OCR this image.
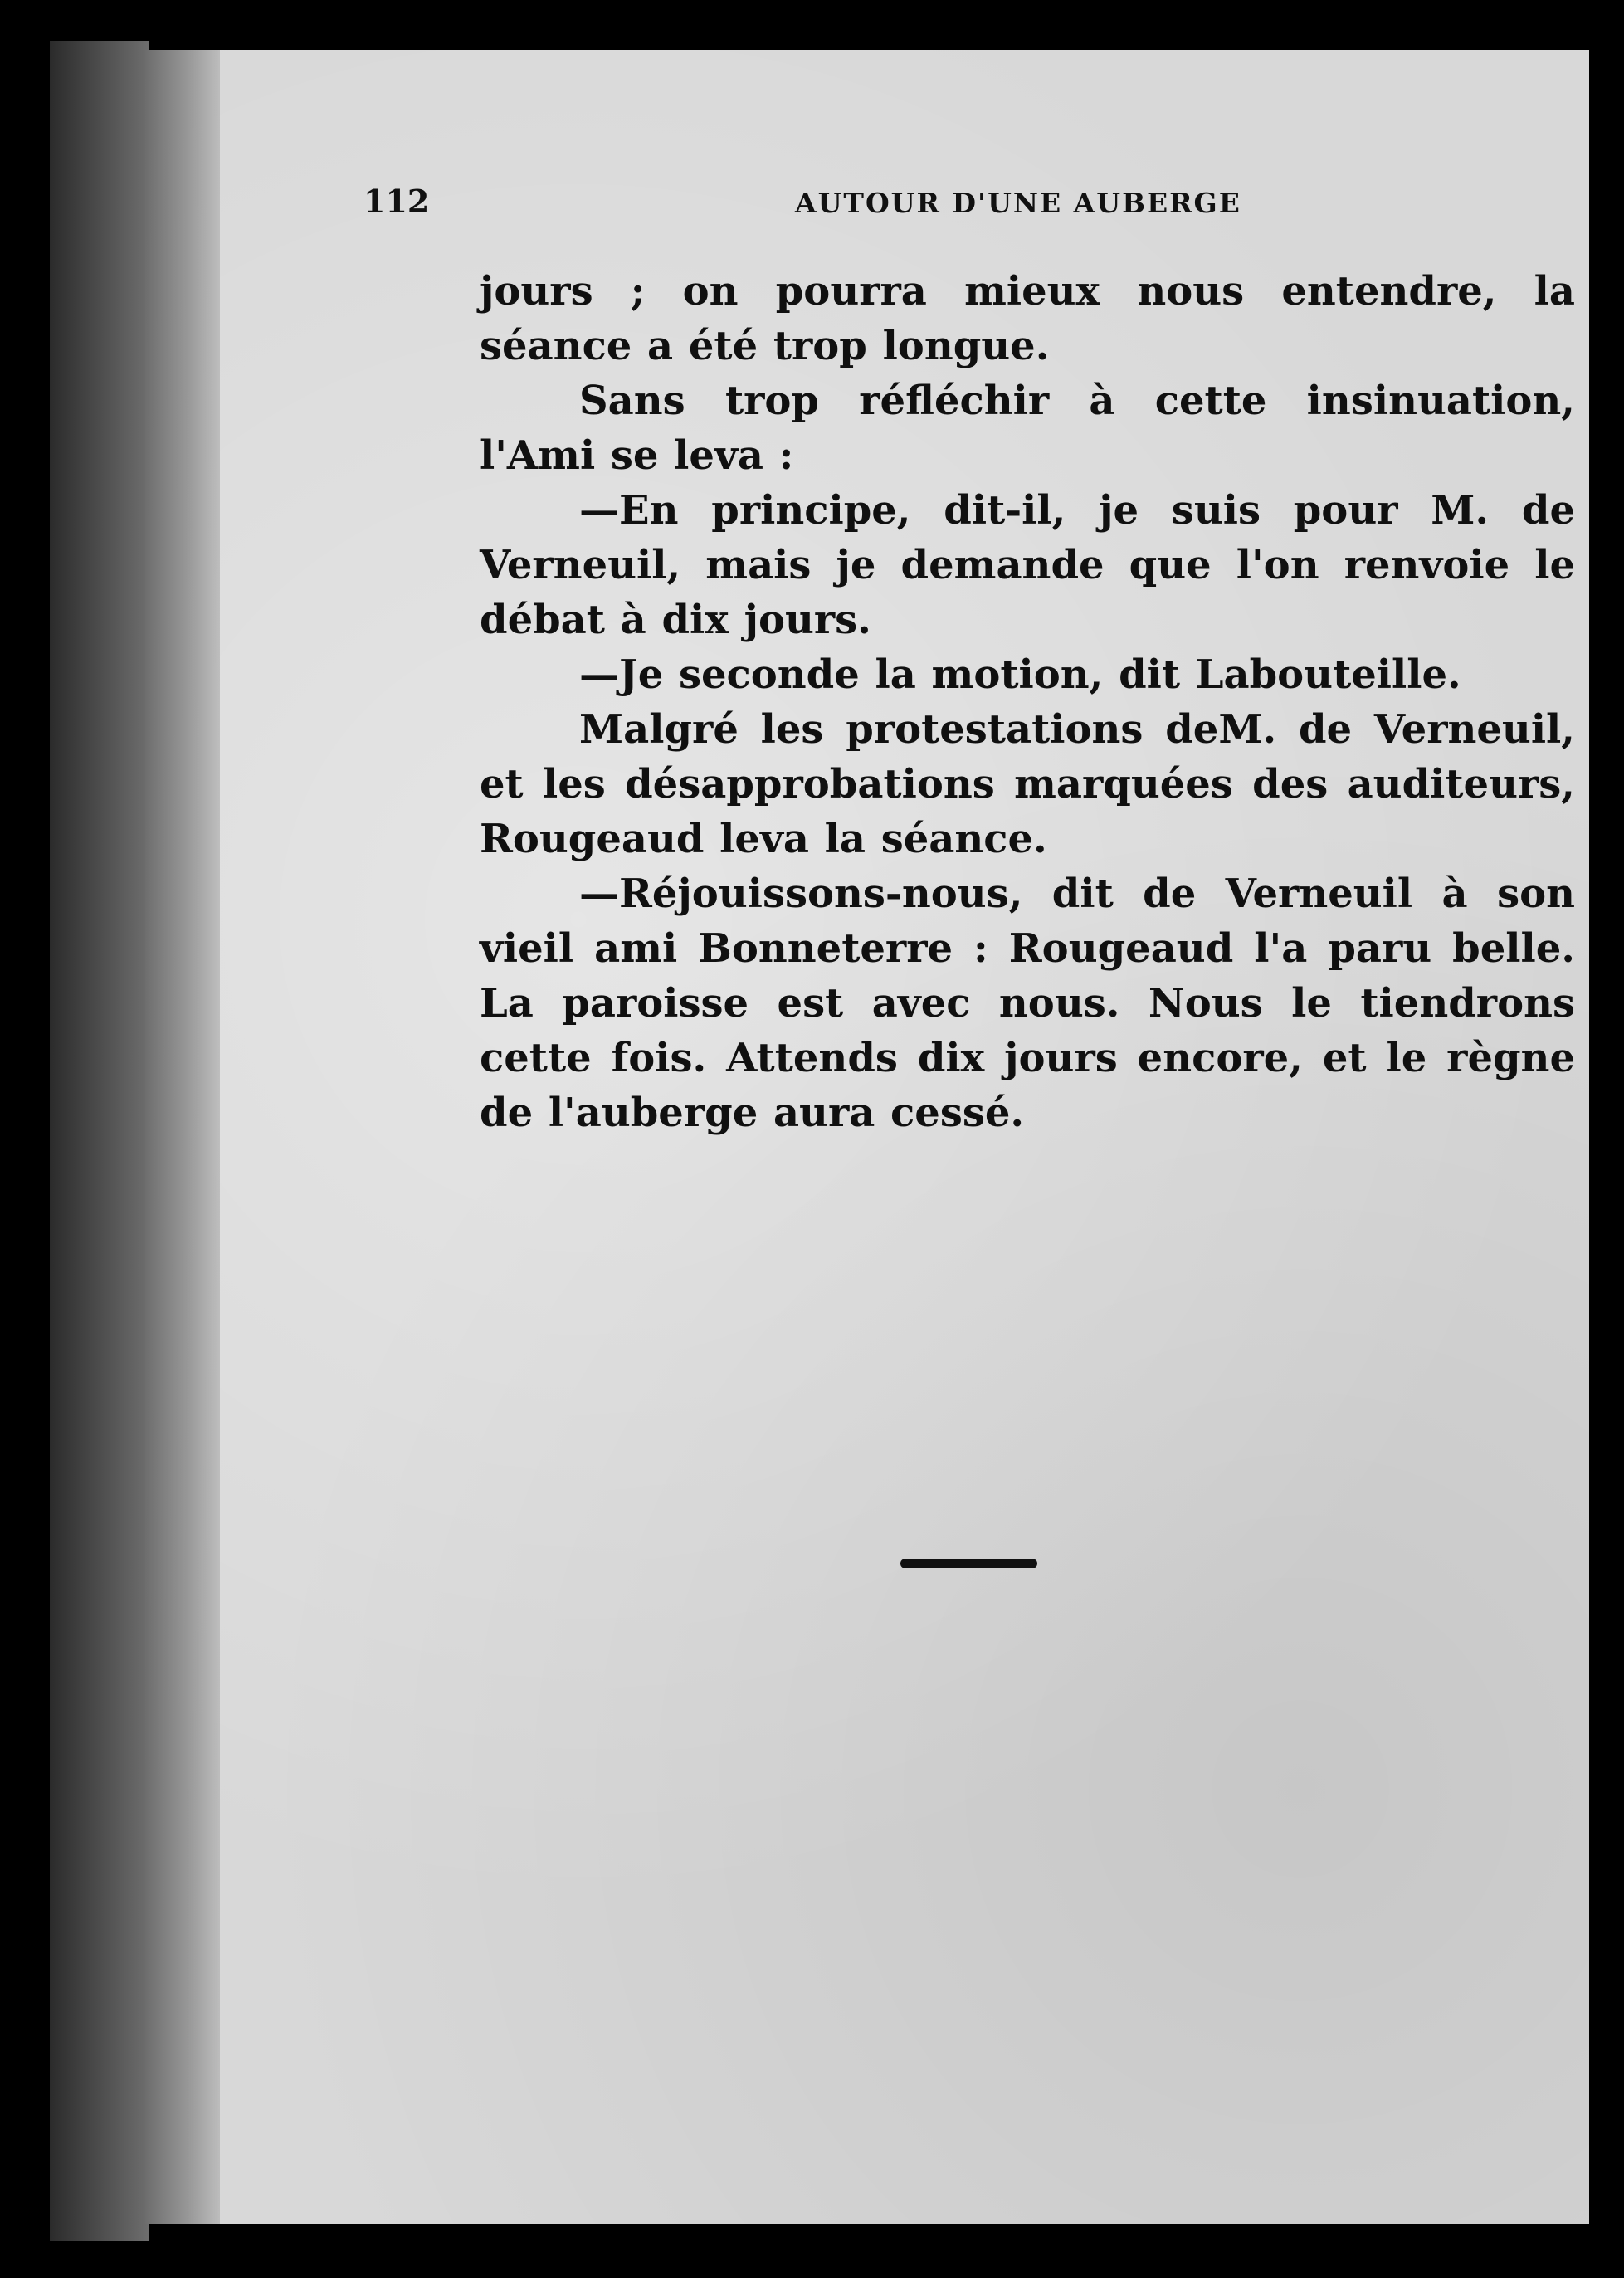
112	AUTOUR D'UNE AUBERGE

jours ; on pourra mieux nous entendre, la séance a été trop longue.

Sans trop réfléchir à cette insinuation, l'Ami se leva :

—En principe, dit-il, je suis pour M. de Verneuil, mais je demande que l'on renvoie le débat à dix jours.

—Je seconde la motion, dit Labouteille.

Malgré les protestations deM. de Verneuil, et les désapprobations marquées des auditeurs, Rougeaud leva la séance.

—Réjouissons-nous, dit de Verneuil à son vieil ami Bonneterre : Rougeaud l'a paru belle. La paroisse est avec nous. Nous le tiendrons cette fois. Attends dix jours encore, et le règne de l'auberge aura cessé.
